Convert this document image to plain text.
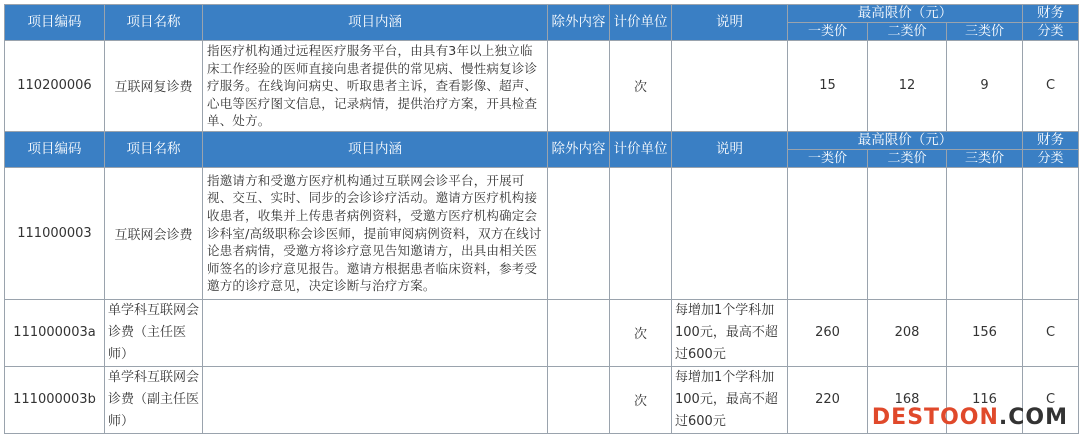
项目编码	项目名称	项目内涵	除外内容	计价单位	说明	最高限价（元）			财务
						一类价	二类价	三类价	分类
110200006	互联网复诊费	指医疗机构通过远程医疗服务平台，由具有3年以上独立临床工作经验的医师直接向患者提供的常见病、慢性病复诊诊疗服务。在线询问病史、听取患者主诉，查看影像、超声、心电等医疗图文信息，记录病情，提供治疗方案，开具检查单、处方。		次		15	12	9	C
项目编码	项目名称	项目内涵	除外内容	计价单位	说明	最高限价（元）			财务
						一类价	二类价	三类价	分类
111000003	互联网会诊费	指邀请方和受邀方医疗机构通过互联网会诊平台，开展可视、交互、实时、同步的会诊诊疗活动。邀请方医疗机构接收患者，收集并上传患者病例资料，受邀方医疗机构确定会诊科室/高级职称会诊医师，提前审阅病例资料，双方在线讨论患者病情，受邀方将诊疗意见告知邀请方，出具由相关医师签名的诊疗意见报告。邀请方根据患者临床资料，参考受邀方的诊疗意见，决定诊断与治疗方案。							
111000003a	单学科互联网会诊费（主任医师）			次	每增加1个学科加100元，最高不超过600元	260	208	156	C
111000003b	单学科互联网会诊费（副主任医师）			次	每增加1个学科加100元，最高不超过600元	220	168	116	C
DESTOON.COM
